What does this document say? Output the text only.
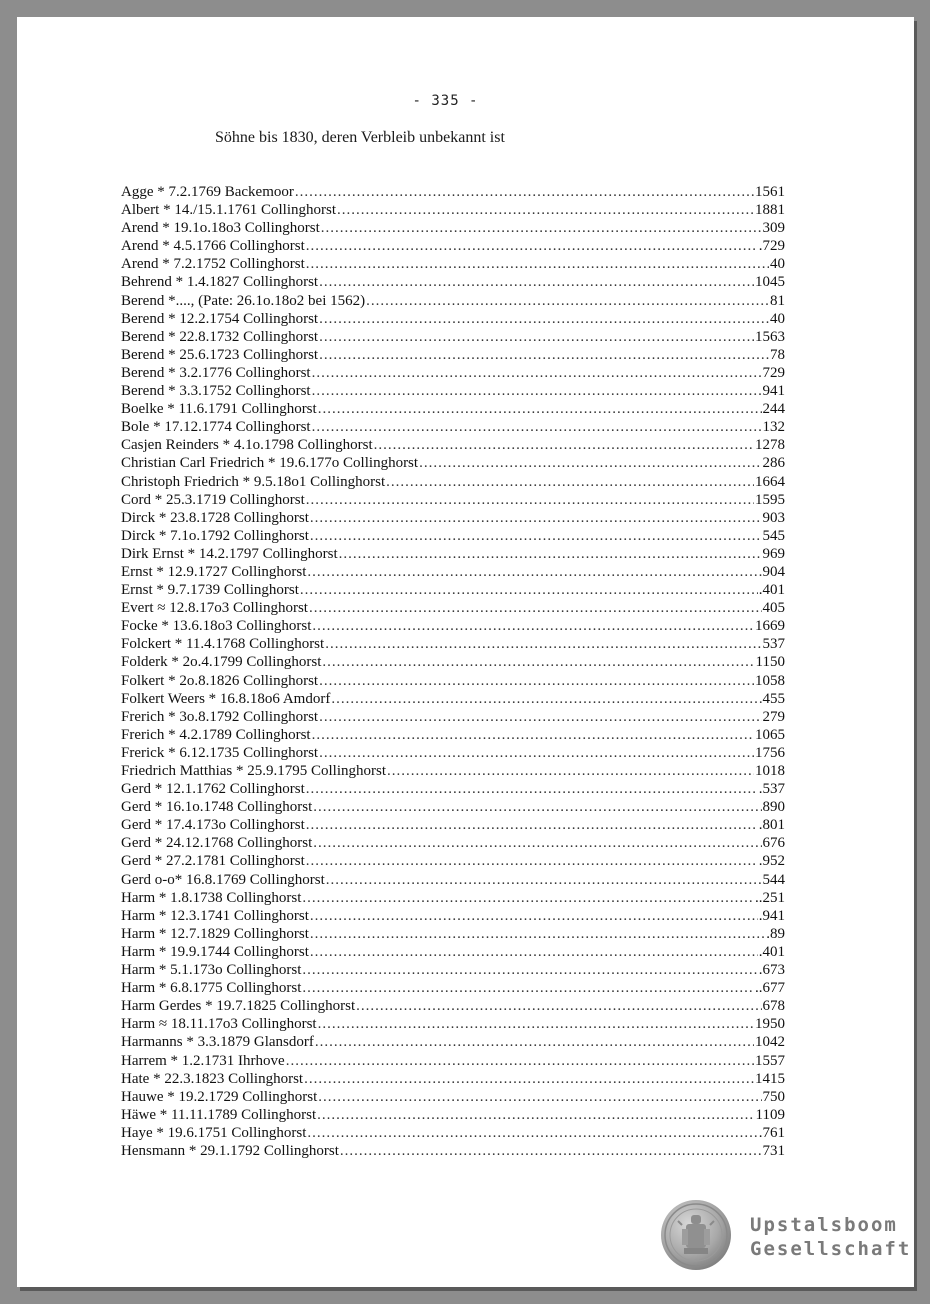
- 335 -
Söhne bis 1830, deren Verbleib unbekannt ist
Agge * 7.2.1769 Backemoor .....	1561
Albert * 14./15.1.1761 Collinghorst .....	1881
Arend * 19.1o.18o3 Collinghorst .....	309
Arend * 4.5.1766 Collinghorst .....	.729
Arend * 7.2.1752 Collinghorst .....	40
Behrend * 1.4.1827 Collinghorst .....	1045
Berend *...., (Pate: 26.1o.18o2 bei 1562) .....	81
Berend * 12.2.1754 Collinghorst .....	40
Berend * 22.8.1732 Collinghorst .....	1563
Berend * 25.6.1723 Collinghorst .....	78
Berend * 3.2.1776 Collinghorst .....	729
Berend * 3.3.1752 Collinghorst .....	941
Boelke * 11.6.1791 Collinghorst .....	244
Bole * 17.12.1774 Collinghorst .....	132
Casjen Reinders * 4.1o.1798 Collinghorst .....	1278
Christian Carl Friedrich * 19.6.177o Collinghorst .....	286
Christoph Friedrich * 9.5.18o1 Collinghorst .....	1664
Cord * 25.3.1719 Collinghorst .....	1595
Dirck * 23.8.1728 Collinghorst .....	903
Dirck * 7.1o.1792 Collinghorst .....	545
Dirk Ernst * 14.2.1797 Collinghorst .....	969
Ernst * 12.9.1727 Collinghorst .....	904
Ernst * 9.7.1739 Collinghorst .....	.401
Evert ≈ 12.8.17o3 Collinghorst .....	405
Focke * 13.6.18o3 Collinghorst .....	1669
Folckert * 11.4.1768 Collinghorst .....	537
Folderk * 2o.4.1799 Collinghorst .....	1150
Folkert * 2o.8.1826 Collinghorst .....	1058
Folkert Weers * 16.8.18o6 Amdorf .....	455
Frerich * 3o.8.1792 Collinghorst .....	279
Frerich * 4.2.1789 Collinghorst .....	1065
Frerick * 6.12.1735 Collinghorst .....	1756
Friedrich Matthias * 25.9.1795 Collinghorst .....	1018
Gerd * 12.1.1762 Collinghorst .....	.537
Gerd * 16.1o.1748 Collinghorst .....	890
Gerd * 17.4.173o Collinghorst .....	.801
Gerd * 24.12.1768 Collinghorst .....	676
Gerd * 27.2.1781 Collinghorst .....	.952
Gerd o-o* 16.8.1769 Collinghorst .....	544
Harm * 1.8.1738 Collinghorst .....	..251
Harm * 12.3.1741 Collinghorst .....	.941
Harm * 12.7.1829 Collinghorst .....	.89
Harm * 19.9.1744 Collinghorst .....	.401
Harm * 5.1.173o Collinghorst .....	.673
Harm * 6.8.1775 Collinghorst .....	..677
Harm Gerdes * 19.7.1825 Collinghorst .....	678
Harm ≈ 18.11.17o3 Collinghorst .....	1950
Harmanns * 3.3.1879 Glansdorf .....	1042
Harrem * 1.2.1731 Ihrhove .....	1557
Hate * 22.3.1823 Collinghorst .....	1415
Hauwe * 19.2.1729 Collinghorst .....	750
Häwe * 11.11.1789 Collinghorst .....	1109
Haye * 19.6.1751 Collinghorst .....	.761
Hensmann * 29.1.1792 Collinghorst .....	731
Upstalsboom
Gesellschaft
